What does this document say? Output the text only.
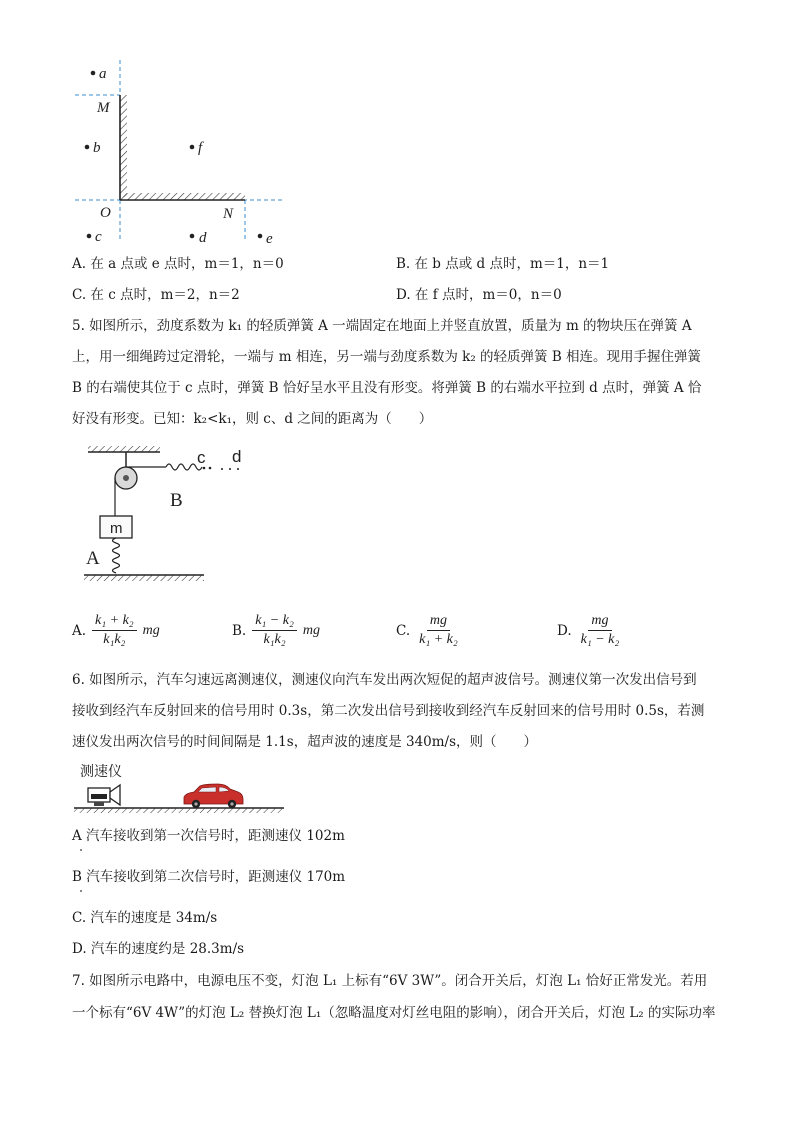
a
M
b	f
O	N
c	d	e
A. 在 a 点或 e 点时，m＝1，n＝0	B. 在 b 点或 d 点时，m＝1，n＝1
C. 在 c 点时，m＝2，n＝2	D. 在 f 点时，m＝0，n＝0
5. 如图所示，劲度系数为 k₁ 的轻质弹簧 A 一端固定在地面上并竖直放置，质量为 m 的物块压在弹簧 A
上，用一细绳跨过定滑轮，一端与 m 相连，另一端与劲度系数为 k₂ 的轻质弹簧 B 相连。现用手握住弹簧
B 的右端使其位于 c 点时，弹簧 B 恰好呈水平且没有形变。将弹簧 B 的右端水平拉到 d 点时，弹簧 A 恰
好没有形变。已知：k₂<k₁，则 c、d 之间的距离为（　　）
c d
B
m
A
A. $\frac{\text{k₁ + k₂}}{\text{k₁k₂}}$ mg	B. $\frac{\text{k₁ − k₂}}{\text{k₁k₂}}$ mg	C. $\frac{mg}{\text{k₁ + k₂}}$	D. $\frac{mg}{\text{k₁ − k₂}}$
6. 如图所示，汽车匀速远离测速仪，测速仪向汽车发出两次短促的超声波信号。测速仪第一次发出信号到
接收到经汽车反射回来的信号用时 0.3s，第二次发出信号到接收到经汽车反射回来的信号用时 0.5s，若测
速仪发出两次信号的时间间隔是 1.1s，超声波的速度是 340m/s，则（　　）
测速仪
A 汽车接收到第一次信号时，距测速仪 102m
B 汽车接收到第二次信号时，距测速仪 170m
C. 汽车的速度是 34m/s
D. 汽车的速度约是 28.3m/s
7. 如图所示电路中，电源电压不变，灯泡 L₁ 上标有“6V 3W”。闭合开关后，灯泡 L₁ 恰好正常发光。若用
一个标有“6V 4W”的灯泡 L₂ 替换灯泡 L₁（忽略温度对灯丝电阻的影响），闭合开关后，灯泡 L₂ 的实际功率
